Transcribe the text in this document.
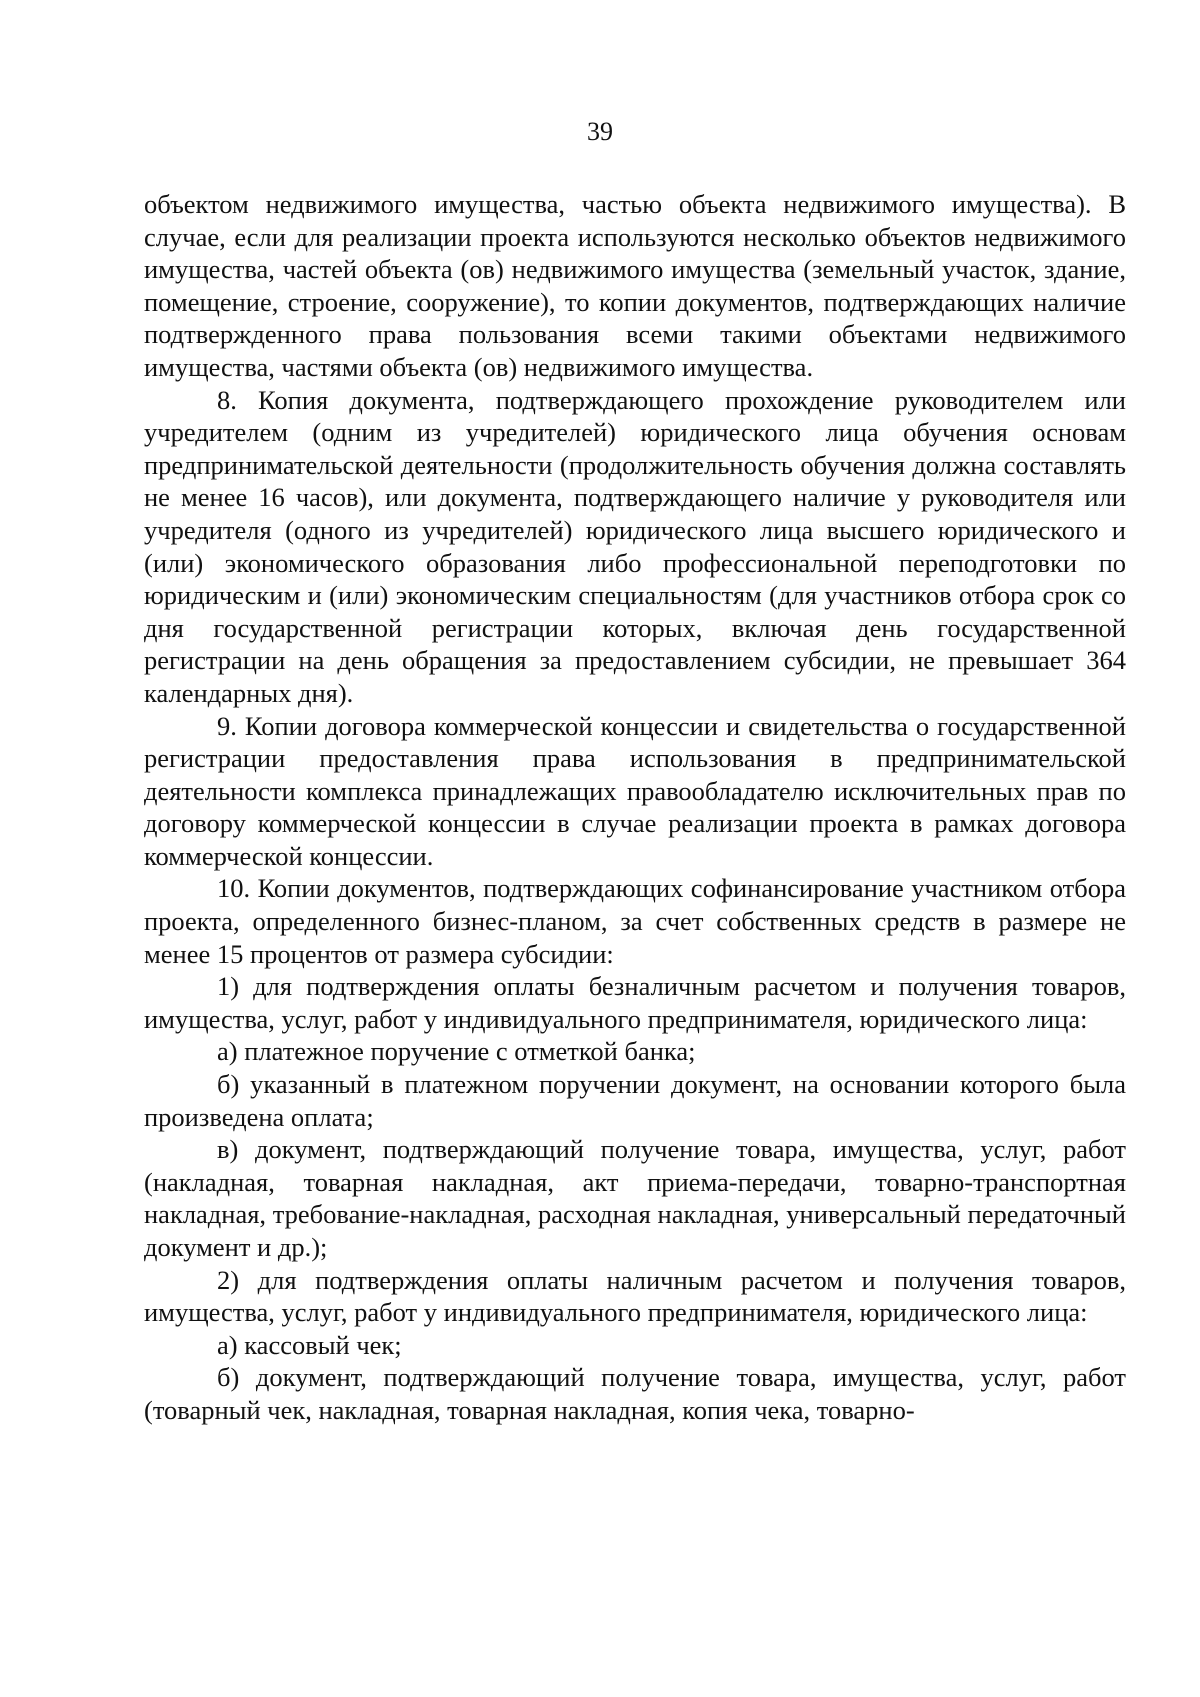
39

объектом недвижимого имущества, частью объекта недвижимого имущества). В случае, если для реализации проекта используются несколько объектов недвижимого имущества, частей объекта (ов) недвижимого имущества (земельный участок, здание, помещение, строение, сооружение), то копии документов, подтверждающих наличие подтвержденного права пользования всеми такими объектами недвижимого имущества, частями объекта (ов) недвижимого имущества.

8. Копия документа, подтверждающего прохождение руководителем или учредителем (одним из учредителей) юридического лица обучения основам предпринимательской деятельности (продолжительность обучения должна составлять не менее 16 часов), или документа, подтверждающего наличие у руководителя или учредителя (одного из учредителей) юридического лица высшего юридического и (или) экономического образования либо профессиональной переподготовки по юридическим и (или) экономическим специальностям (для участников отбора срок со дня государственной регистрации которых, включая день государственной регистрации на день обращения за предоставлением субсидии, не превышает 364 календарных дня).

9. Копии договора коммерческой концессии и свидетельства о государственной регистрации предоставления права использования в предпринимательской деятельности комплекса принадлежащих правообладателю исключительных прав по договору коммерческой концессии в случае реализации проекта в рамках договора коммерческой концессии.

10. Копии документов, подтверждающих софинансирование участником отбора проекта, определенного бизнес-планом, за счет собственных средств в размере не менее 15 процентов от размера субсидии:

1) для подтверждения оплаты безналичным расчетом и получения товаров, имущества, услуг, работ у индивидуального предпринимателя, юридического лица:

а) платежное поручение с отметкой банка;

б) указанный в платежном поручении документ, на основании которого была произведена оплата;

в) документ, подтверждающий получение товара, имущества, услуг, работ (накладная, товарная накладная, акт приема-передачи, товарно-транспортная накладная, требование-накладная, расходная накладная, универсальный передаточный документ и др.);

2) для подтверждения оплаты наличным расчетом и получения товаров, имущества, услуг, работ у индивидуального предпринимателя, юридического лица:

а) кассовый чек;

б) документ, подтверждающий получение товара, имущества, услуг, работ (товарный чек, накладная, товарная накладная, копия чека, товарно-
